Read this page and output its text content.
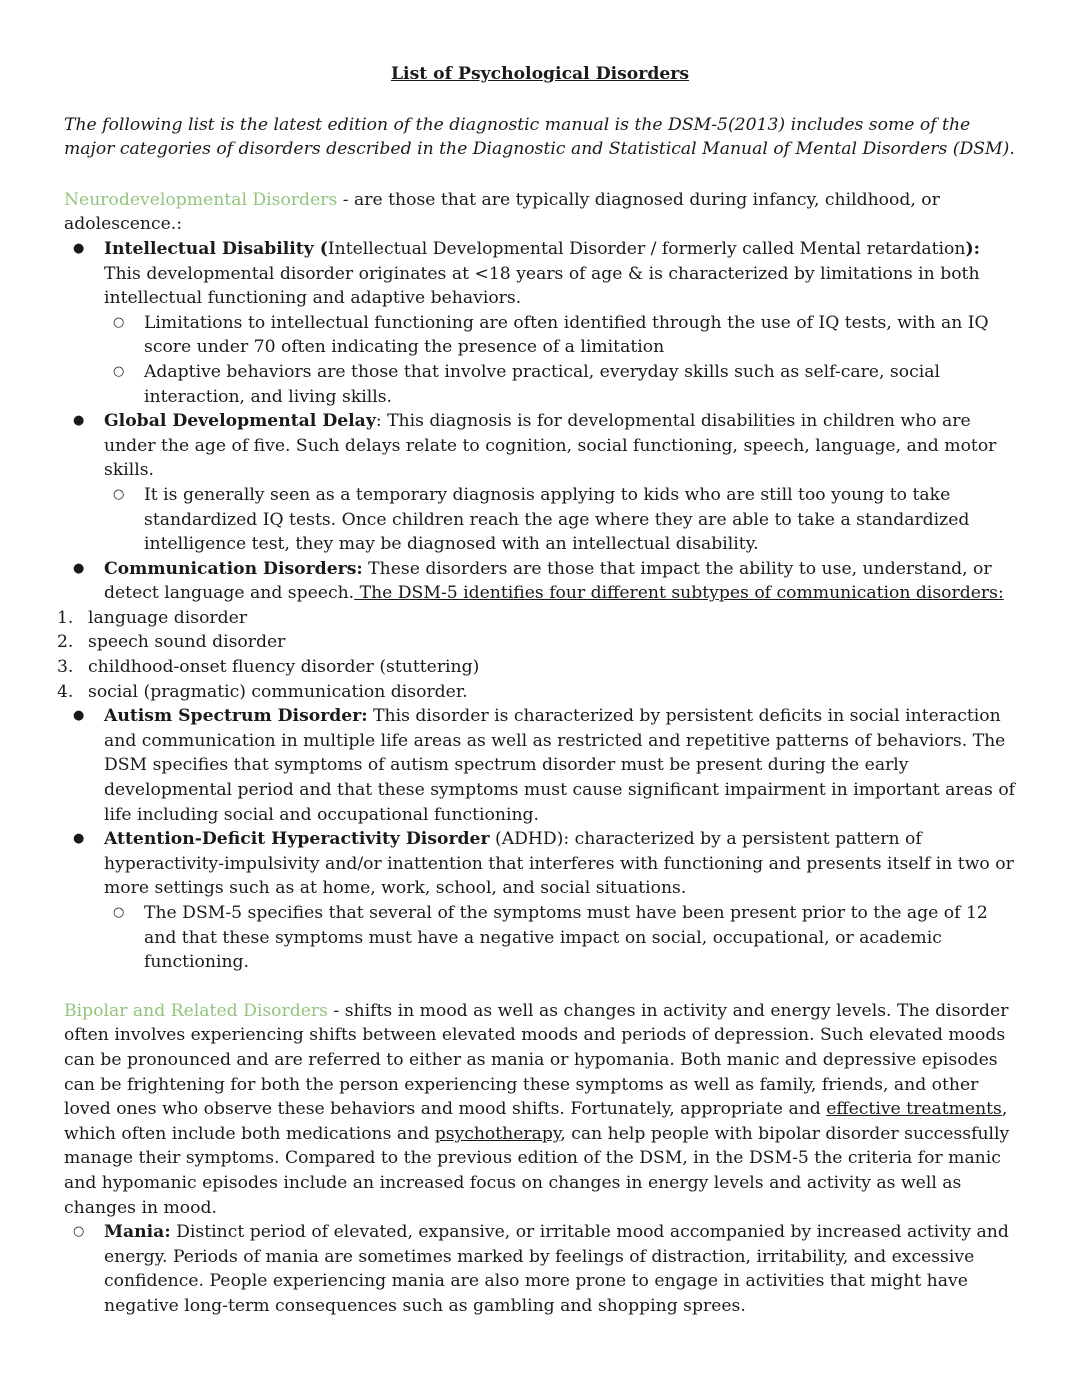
List of Psychological Disorders

The following list is the latest edition of the diagnostic manual is the DSM-5(2013) includes some of the major categories of disorders described in the Diagnostic and Statistical Manual of Mental Disorders (DSM).

Neurodevelopmental Disorders - are those that are typically diagnosed during infancy, childhood, or adolescence.:

● Intellectual Disability (Intellectual Developmental Disorder / formerly called Mental retardation): This developmental disorder originates at <18 years of age & is characterized by limitations in both intellectual functioning and adaptive behaviors.
○ Limitations to intellectual functioning are often identified through the use of IQ tests, with an IQ score under 70 often indicating the presence of a limitation
○ Adaptive behaviors are those that involve practical, everyday skills such as self-care, social interaction, and living skills.
● Global Developmental Delay: This diagnosis is for developmental disabilities in children who are under the age of five. Such delays relate to cognition, social functioning, speech, language, and motor skills.
○ It is generally seen as a temporary diagnosis applying to kids who are still too young to take standardized IQ tests. Once children reach the age where they are able to take a standardized intelligence test, they may be diagnosed with an intellectual disability.
● Communication Disorders: These disorders are those that impact the ability to use, understand, or detect language and speech. The DSM-5 identifies four different subtypes of communication disorders:
1. language disorder
2. speech sound disorder
3. childhood-onset fluency disorder (stuttering)
4. social (pragmatic) communication disorder.
● Autism Spectrum Disorder: This disorder is characterized by persistent deficits in social interaction and communication in multiple life areas as well as restricted and repetitive patterns of behaviors. The DSM specifies that symptoms of autism spectrum disorder must be present during the early developmental period and that these symptoms must cause significant impairment in important areas of life including social and occupational functioning.
● Attention-Deficit Hyperactivity Disorder (ADHD): characterized by a persistent pattern of hyperactivity-impulsivity and/or inattention that interferes with functioning and presents itself in two or more settings such as at home, work, school, and social situations.
○ The DSM-5 specifies that several of the symptoms must have been present prior to the age of 12 and that these symptoms must have a negative impact on social, occupational, or academic functioning.

Bipolar and Related Disorders - shifts in mood as well as changes in activity and energy levels. The disorder often involves experiencing shifts between elevated moods and periods of depression. Such elevated moods can be pronounced and are referred to either as mania or hypomania. Both manic and depressive episodes can be frightening for both the person experiencing these symptoms as well as family, friends, and other loved ones who observe these behaviors and mood shifts. Fortunately, appropriate and effective treatments, which often include both medications and psychotherapy, can help people with bipolar disorder successfully manage their symptoms. Compared to the previous edition of the DSM, in the DSM-5 the criteria for manic and hypomanic episodes include an increased focus on changes in energy levels and activity as well as changes in mood.

○ Mania: Distinct period of elevated, expansive, or irritable mood accompanied by increased activity and energy. Periods of mania are sometimes marked by feelings of distraction, irritability, and excessive confidence. People experiencing mania are also more prone to engage in activities that might have negative long-term consequences such as gambling and shopping sprees.
